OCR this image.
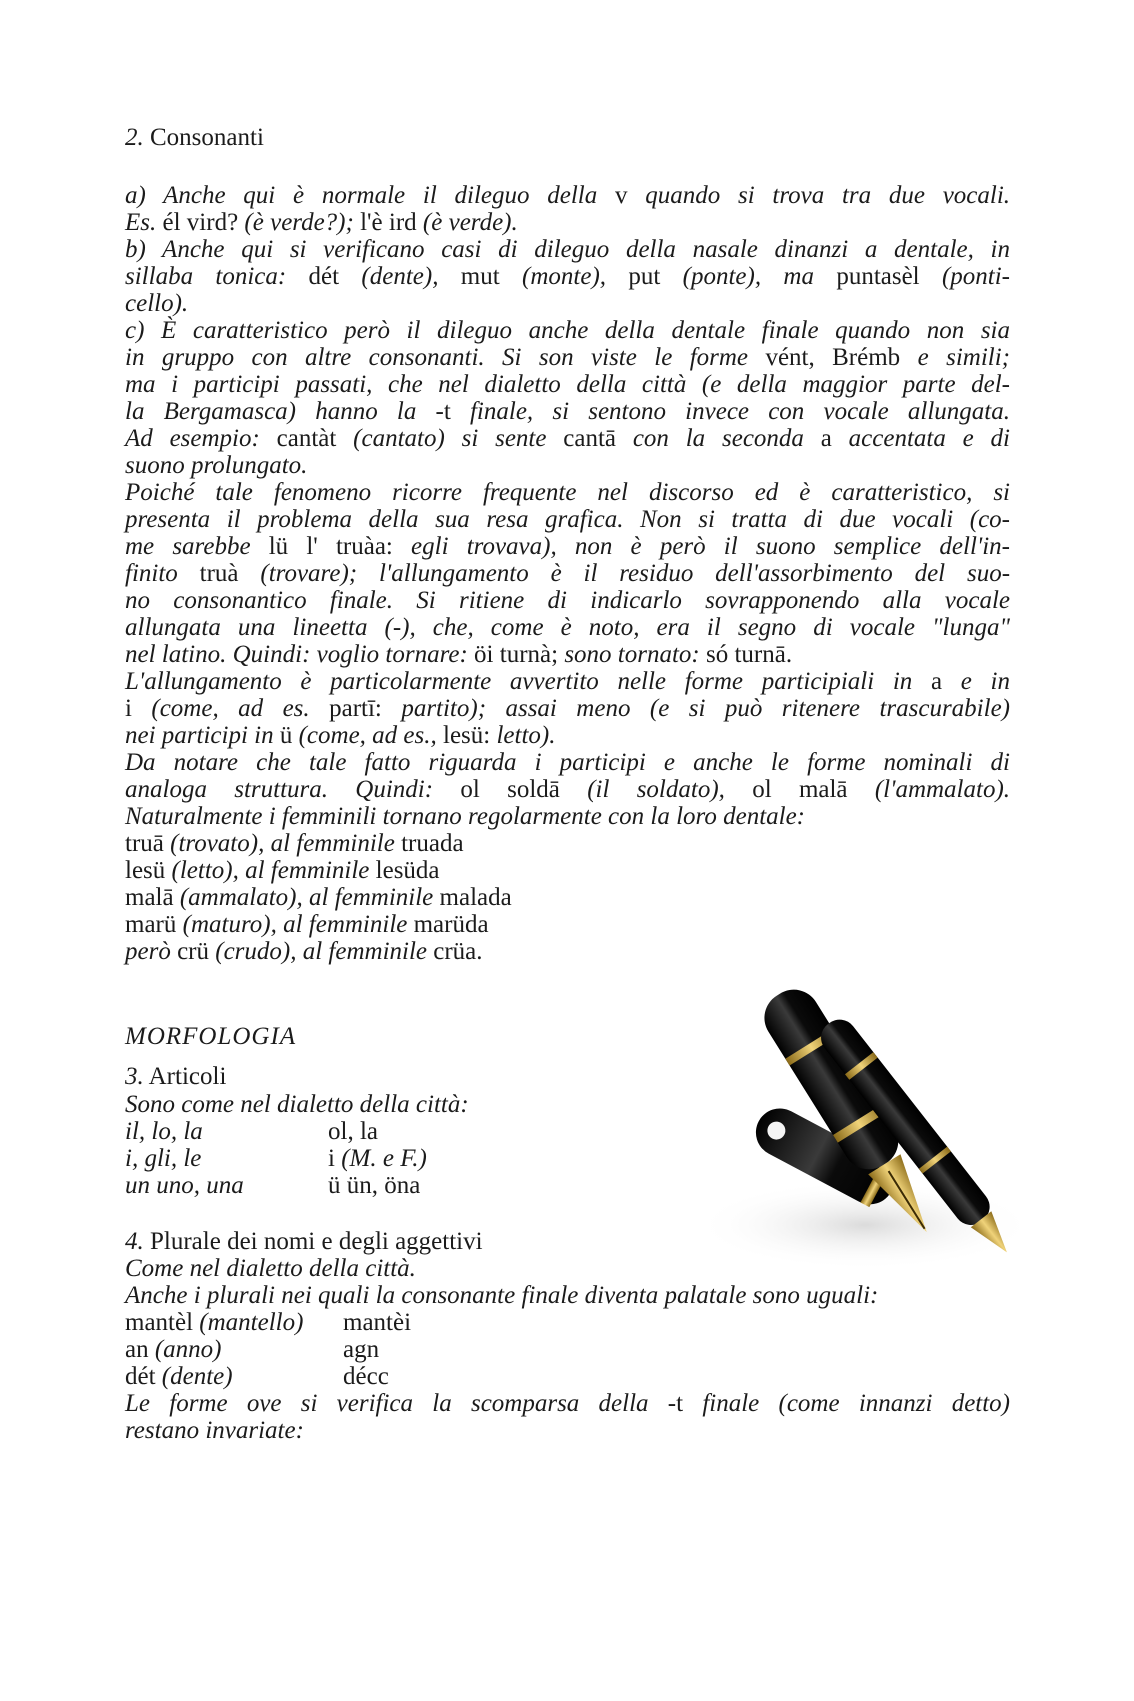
2. Consonanti
a) Anche qui è normale il dileguo della v quando si trova tra due vocali.
Es. él vird? (è verde?); l'è ird (è verde).
b) Anche qui si verificano casi di dileguo della nasale dinanzi a dentale, in
sillaba tonica: dét (dente), mut (monte), put (ponte), ma puntasèl (ponti-
cello).
c) È caratteristico però il dileguo anche della dentale finale quando non sia
in gruppo con altre consonanti. Si son viste le forme vént, Brémb e simili;
ma i participi passati, che nel dialetto della città (e della maggior parte del-
la Bergamasca) hanno la -t finale, si sentono invece con vocale allungata.
Ad esempio: cantàt (cantato) si sente cantā con la seconda a accentata e di
suono prolungato.
Poiché tale fenomeno ricorre frequente nel discorso ed è caratteristico, si
presenta il problema della sua resa grafica. Non si tratta di due vocali (co-
me sarebbe lü l' truàa: egli trovava), non è però il suono semplice dell'in-
finito truà (trovare); l'allungamento è il residuo dell'assorbimento del suo-
no consonantico finale. Si ritiene di indicarlo sovrapponendo alla vocale
allungata una lineetta (-), che, come è noto, era il segno di vocale "lunga"
nel latino. Quindi: voglio tornare: öi turnà; sono tornato: só turnā.
L'allungamento è particolarmente avvertito nelle forme participiali in a e in
i (come, ad es. partī: partito); assai meno (e si può ritenere trascurabile)
nei participi in ü (come, ad es., lesü: letto).
Da notare che tale fatto riguarda i participi e anche le forme nominali di
analoga struttura. Quindi: ol soldā (il soldato), ol malā (l'ammalato).
Naturalmente i femminili tornano regolarmente con la loro dentale:
truā (trovato), al femminile truada
lesü (letto), al femminile lesüda
malā (ammalato), al femminile malada
marü (maturo), al femminile marüda
però crü (crudo), al femminile crüa.
MORFOLOGIA
3. Articoli
Sono come nel dialetto della città:
il, lo, la	ol, la
i, gli, le	i (M. e F.)
un uno, una	ü ün, öna
4. Plurale dei nomi e degli aggettivi
Come nel dialetto della città.
Anche i plurali nei quali la consonante finale diventa palatale sono uguali:
mantèl (mantello) mantèi
an (anno)	agn
dét (dente)	décc
Le forme ove si verifica la scomparsa della -t finale (come innanzi detto)
restano invariate:
